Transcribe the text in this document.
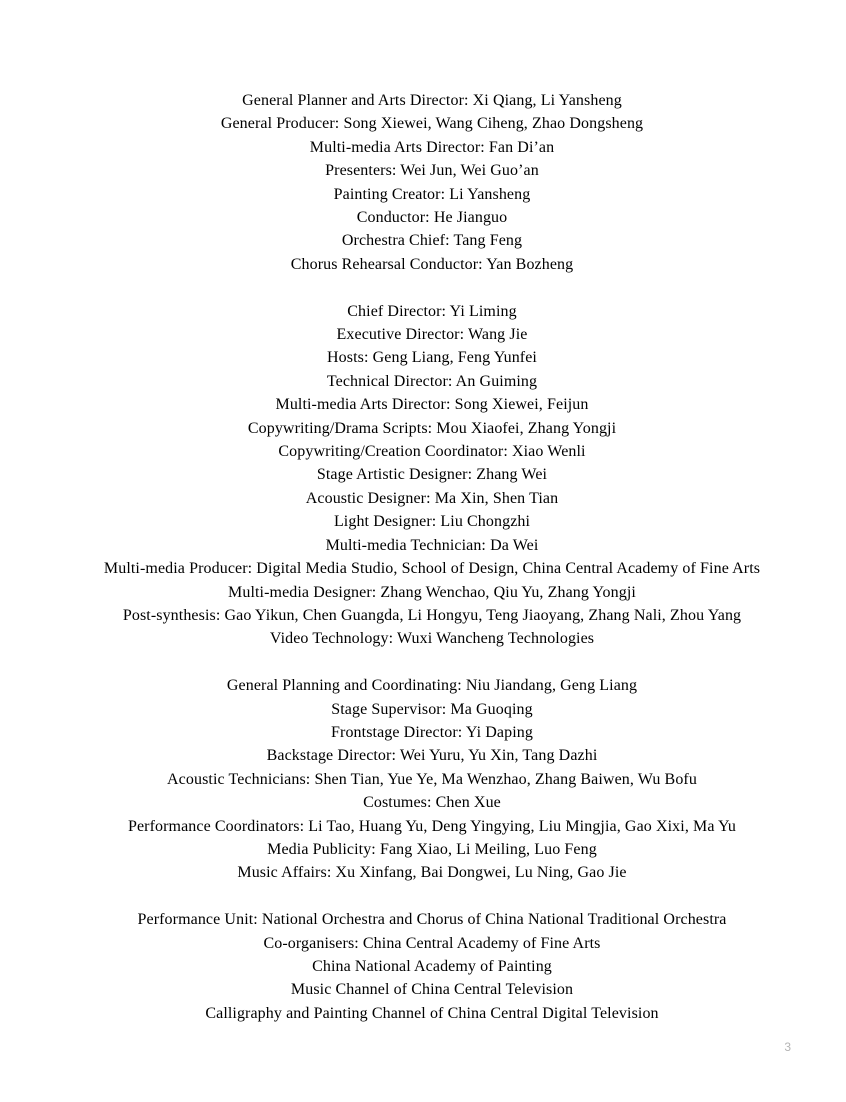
General Planner and Arts Director: Xi Qiang, Li Yansheng
General Producer: Song Xiewei, Wang Ciheng, Zhao Dongsheng
Multi-media Arts Director: Fan Di’an
Presenters: Wei Jun, Wei Guo’an
Painting Creator: Li Yansheng
Conductor: He Jianguo
Orchestra Chief: Tang Feng
Chorus Rehearsal Conductor: Yan Bozheng
Chief Director: Yi Liming
Executive Director: Wang Jie
Hosts: Geng Liang, Feng Yunfei
Technical Director: An Guiming
Multi-media Arts Director: Song Xiewei, Feijun
Copywriting/Drama Scripts: Mou Xiaofei, Zhang Yongji
Copywriting/Creation Coordinator: Xiao Wenli
Stage Artistic Designer: Zhang Wei
Acoustic Designer: Ma Xin, Shen Tian
Light Designer: Liu Chongzhi
Multi-media Technician: Da Wei
Multi-media Producer: Digital Media Studio, School of Design, China Central Academy of Fine Arts
Multi-media Designer: Zhang Wenchao, Qiu Yu, Zhang Yongji
Post-synthesis: Gao Yikun, Chen Guangda, Li Hongyu, Teng Jiaoyang, Zhang Nali, Zhou Yang
Video Technology: Wuxi Wancheng Technologies
General Planning and Coordinating: Niu Jiandang, Geng Liang
Stage Supervisor: Ma Guoqing
Frontstage Director: Yi Daping
Backstage Director: Wei Yuru, Yu Xin, Tang Dazhi
Acoustic Technicians: Shen Tian, Yue Ye, Ma Wenzhao, Zhang Baiwen, Wu Bofu
Costumes: Chen Xue
Performance Coordinators: Li Tao, Huang Yu, Deng Yingying, Liu Mingjia, Gao Xixi, Ma Yu
Media Publicity: Fang Xiao, Li Meiling, Luo Feng
Music Affairs: Xu Xinfang, Bai Dongwei, Lu Ning, Gao Jie
Performance Unit: National Orchestra and Chorus of China National Traditional Orchestra
Co-organisers: China Central Academy of Fine Arts
China National Academy of Painting
Music Channel of China Central Television
Calligraphy and Painting Channel of China Central Digital Television
3
